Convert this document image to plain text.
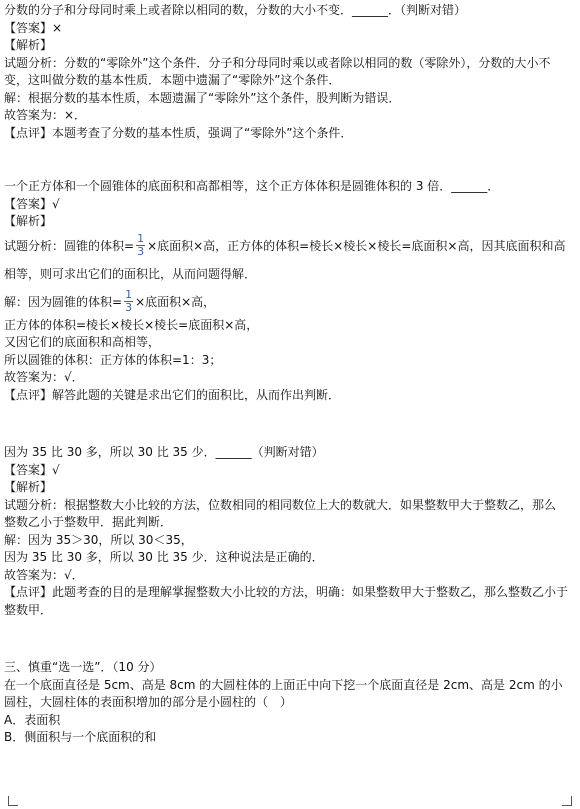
分数的分子和分母同时乘上或者除以相同的数，分数的大小不变．______．（判断对错）
【答案】×
【解析】
试题分析：分数的“零除外”这个条件．分子和分母同时乘以或者除以相同的数（零除外），分数的大小不
变，这叫做分数的基本性质．本题中遗漏了“零除外”这个条件．
解：根据分数的基本性质，本题遗漏了“零除外”这个条件，股判断为错误．
故答案为：×．
【点评】本题考查了分数的基本性质，强调了“零除外”这个条件．
一个正方体和一个圆锥体的底面积和高都相等，这个正方体体积是圆锥体积的 3 倍．______．
【答案】√
【解析】
试题分析：圆锥的体积= $\frac{1}{3}$ ×底面积×高，正方体的体积=棱长×棱长×棱长=底面积×高，因其底面积和高
相等，则可求出它们的面积比，从而问题得解．
解：因为圆锥的体积= $\frac{1}{3}$ ×底面积×高，
正方体的体积=棱长×棱长×棱长=底面积×高，
又因它们的底面积和高相等，
所以圆锥的体积：正方体的体积=1：3；
故答案为：√．
【点评】解答此题的关键是求出它们的面积比，从而作出判断．
因为 35 比 30 多，所以 30 比 35 少．______（判断对错）
【答案】√
【解析】
试题分析：根据整数大小比较的方法，位数相同的相同数位上大的数就大．如果整数甲大于整数乙，那么
整数乙小于整数甲．据此判断．
解：因为 35＞30，所以 30＜35，
因为 35 比 30 多，所以 30 比 35 少．这种说法是正确的．
故答案为：√．
【点评】此题考查的目的是理解掌握整数大小比较的方法，明确：如果整数甲大于整数乙，那么整数乙小于整数甲．
三、慎重“选一选”．（10 分）
在一个底面直径是 5cm、高是 8cm 的大圆柱体的上面正中向下挖一个底面直径是 2cm、高是 2cm 的小圆柱，大圆柱体的表面积增加的部分是小圆柱的（　）
A．表面积
B．侧面积与一个底面积的和
